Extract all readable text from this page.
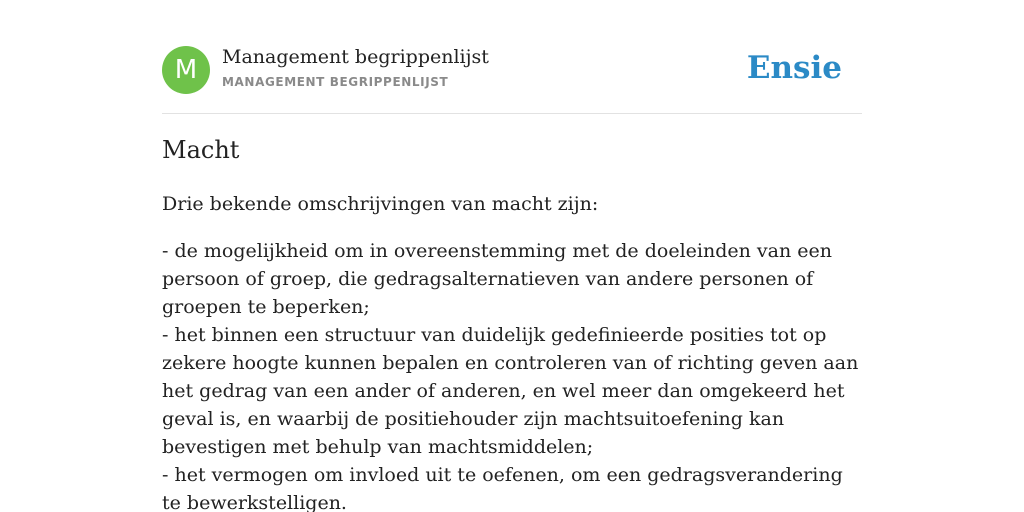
M	Management begrippenlijst
MANAGEMENT BEGRIPPENLIJST	Ensie
Macht

Drie bekende omschrijvingen van macht zijn:

- de mogelijkheid om in overeenstemming met de doeleinden van een persoon of groep, die gedragsalternatieven van andere personen of groepen te beperken;
- het binnen een structuur van duidelijk gedefinieerde posities tot op zekere hoogte kunnen bepalen en controleren van of richting geven aan het gedrag van een ander of anderen, en wel meer dan omgekeerd het geval is, en waarbij de positiehouder zijn machtsuitoefening kan bevestigen met behulp van machtsmiddelen;
- het vermogen om invloed uit te oefenen, om een gedragsverandering te bewerkstelligen.
